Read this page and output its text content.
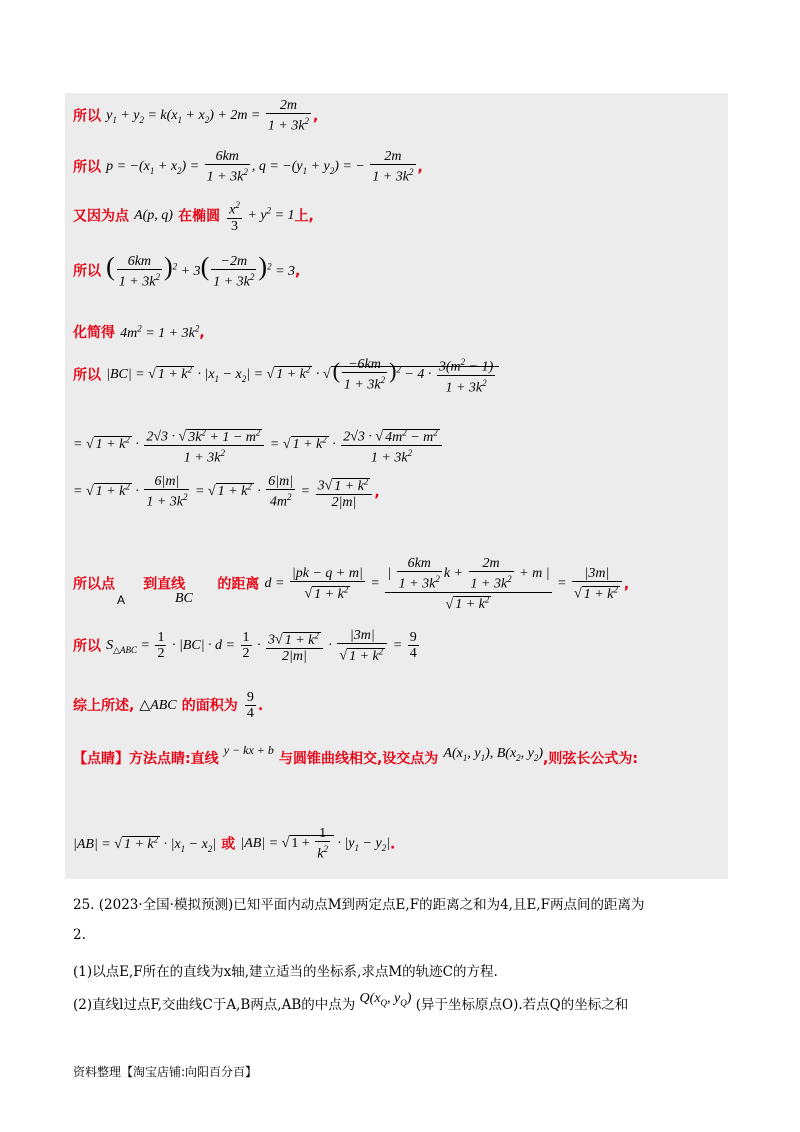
所以 $y_1 + y_2 = k(x_1 + x_2) + 2m = \frac{2m}{1 + 3k^2}$ ,
所以 $p = -(x_1 + x_2) = \frac{6km}{1 + 3k^2}$ , $q = -(y_1 + y_2)$ = − $\frac{2m}{1 + 3k^2}$ ,
又因为点 A(p, q) 在椭圆 $\frac{x^2}{3} + y^2 = 1$上,
所以 ( $\frac{6km}{1 + 3k^2} )^2 + 3( \frac{-2m}{1 + 3k^2} )^2 = 3$,
化简得 $4m^2 = 1 + 3k^2$,
所以 |BC| = √ $1 + k^2 \cdot |x_1 - x_2|$ = √ $1 + k^2$ · √( $\frac{-6km}{1 + 3k^2} )^2 - 4 \cdot \frac{3(m^2 - 1)}{1 + 3k^2}$
= √ $1 + k^2 \cdot \frac{2√3 \cdot √ 3k^2 + 1 - m^2}{1 + 3k^2}$ = √ $1 + k^2 \cdot \frac{2√3 \cdot √ 4m^2 - m^2}{1 + 3k^2}$
= √ $1 + k^2 \cdot \frac{6|m|}{1 + 3k^2}$ = √ $1 + k^2 \cdot \frac{6|m|}{4m^2} = \frac{3√ 1 + k^2}{2|m|}$ ,
所以点 到直线 的距离 $d = \frac{|pk - q + m|}{√ 1 + k^2} = \frac{| \frac{6km}{1 + 3k^2} k + \frac{2m}{1 + 3k^2} + m |}{√ 1 + k^2} = \frac{|3m|}{√ 1 + k^2}$ ,
A	BC
所以 $S_{\triangle ABC} = \frac{1}{2} \cdot |BC| \cdot d = \frac{1}{2} \cdot \frac{3√ 1 + k^2}{2|m|} \cdot \frac{|3m|}{√ 1 + k^2} = \frac{9}{4}$
综上所述, △ABC 的面积为 $\frac{9}{4}$ .
【点睛】方法点睛:直线 $^{y - kx + b}$ 与圆锥曲线相交,设交点为 $A(x_1$, $y_1$), $B(x_2$, $y_2$),则弦长公式为:
|AB| = √ $1 + k^2 \cdot |x_1 - x_2|$ 或 |AB| = √ $1 + \frac{1}{k^2} \cdot |y_1 - y_2|$.
25. (2023·全国·模拟预测)已知平面内动点M到两定点E,F的距离之和为4,且E,F两点间的距离为
2.
(1)以点E,F所在的直线为x轴,建立适当的坐标系,求点M的轨迹C的方程.
(2)直线l过点F,交曲线C于A,B两点,AB的中点为 $Q(x_Q$, $y_Q$) (异于坐标原点O).若点Q的坐标之和
资料整理【淘宝店铺:向阳百分百】
